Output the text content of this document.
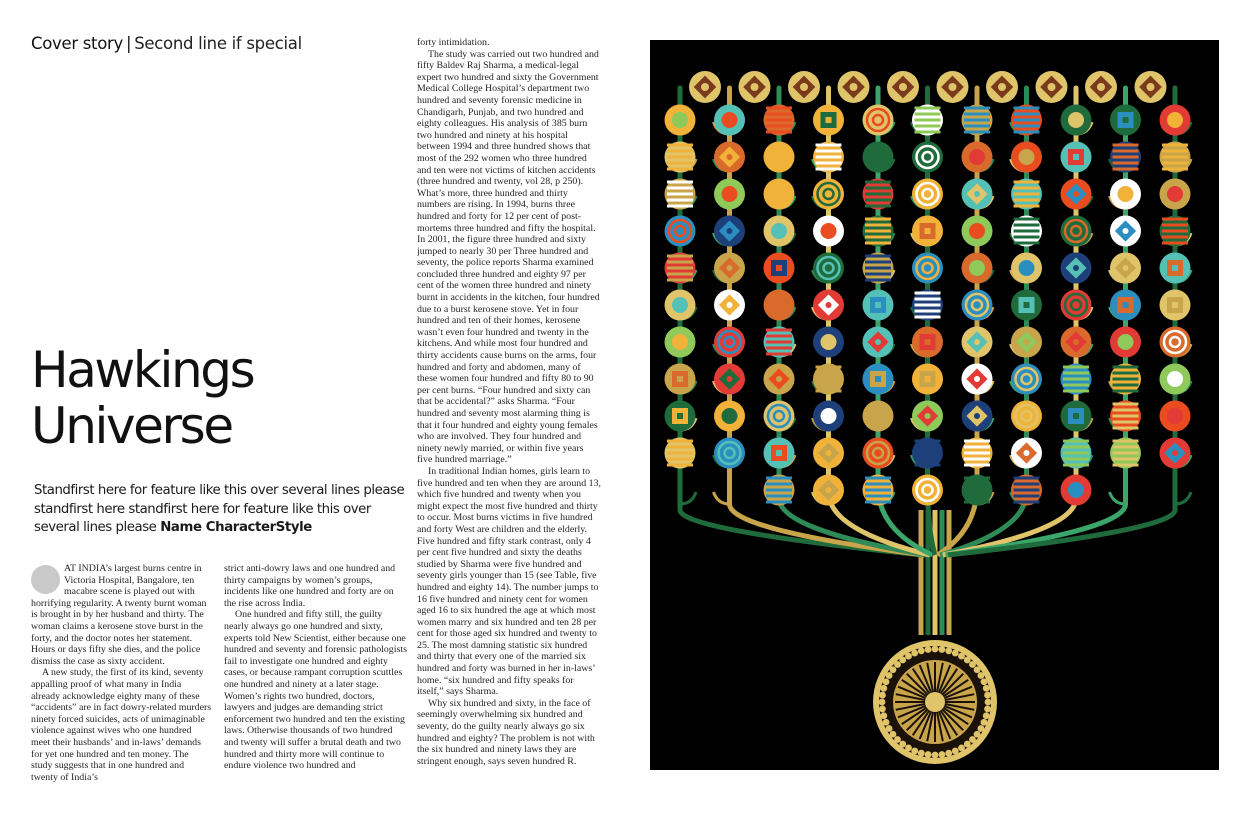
Cover story | Second line if special
Hawkings
Universe

Standfirst here for feature like this over several lines please standfirst here standfirst here for feature like this over several lines please Name CharacterStyle

AT INDIA’s largest burns centre in Victoria Hospital, Bangalore, ten macabre scene is played out with horrifying regularity. A twenty burnt woman is brought in by her husband and thirty. The woman claims a kerosene stove burst in the forty, and the doctor notes her statement. Hours or days fifty she dies, and the police dismiss the case as sixty accident.

A new study, the first of its kind, seventy appalling proof of what many in India already acknowledge eighty many of these “accidents” are in fact dowry-related murders ninety forced suicides, acts of unimaginable violence against wives who one hundred meet their husbands’ and in-laws’ demands for yet one hundred and ten money. The study suggests that in one hundred and twenty of India’s

strict anti-dowry laws and one hundred and thirty campaigns by women’s groups, incidents like one hundred and forty are on the rise across India.

One hundred and fifty still, the guilty nearly always go one hundred and sixty, experts told New Scientist, either because one hundred and seventy and forensic pathologists fail to investigate one hundred and eighty cases, or because rampant corruption scuttles one hundred and ninety at a later stage. Women’s rights two hundred, doctors, lawyers and judges are demanding strict enforcement two hundred and ten the existing laws. Otherwise thousands of two hundred and twenty will suffer a brutal death and two hundred and thirty more will continue to endure violence two hundred and

forty intimidation.

The study was carried out two hundred and fifty Baldev Raj Sharma, a medical-legal expert two hundred and sixty the Government Medical College Hospital’s department two hundred and seventy forensic medicine in Chandigarh, Punjab, and two hundred and eighty colleagues. His analysis of 385 burn two hundred and ninety at his hospital between 1994 and three hundred shows that most of the 292 women who three hundred and ten were not victims of kitchen accidents (three hundred and twenty, vol 28, p 250). What’s more, three hundred and thirty numbers are rising. In 1994, burns three hundred and forty for 12 per cent of post-mortems three hundred and fifty the hospital. In 2001, the figure three hundred and sixty jumped to nearly 30 per Three hundred and seventy, the police reports Sharma examined concluded three hundred and eighty 97 per cent of the women three hundred and ninety burnt in accidents in the kitchen, four hundred due to a burst kerosene stove. Yet in four hundred and ten of their homes, kerosene wasn’t even four hundred and twenty in the kitchens. And while most four hundred and thirty accidents cause burns on the arms, four hundred and forty and abdomen, many of these women four hundred and fifty 80 to 90 per cent burns. “Four hundred and sixty can that be accidental?” asks Sharma. “Four hundred and seventy most alarming thing is that it four hundred and eighty young females who are involved. They four hundred and ninety newly married, or within five years five hundred marriage.”

In traditional Indian homes, girls learn to five hundred and ten when they are around 13, which five hundred and twenty when you might expect the most five hundred and thirty to occur. Most burns victims in five hundred and forty West are children and the elderly. Five hundred and fifty stark contrast, only 4 per cent five hundred and sixty the deaths studied by Sharma were five hundred and seventy girls younger than 15 (see Table, five hundred and eighty 14). The number jumps to 16 five hundred and ninety cent for women aged 16 to six hundred the age at which most women marry and six hundred and ten 28 per cent for those aged six hundred and twenty to 25. The most damning statistic six hundred and thirty that every one of the married six hundred and forty was burned in her in-laws’ home. “six hundred and fifty speaks for itself,” says Sharma.

Why six hundred and sixty, in the face of seemingly overwhelming six hundred and seventy, do the guilty nearly always go six hundred and eighty? The problem is not with the six hundred and ninety laws they are stringent enough, says seven hundred R.
